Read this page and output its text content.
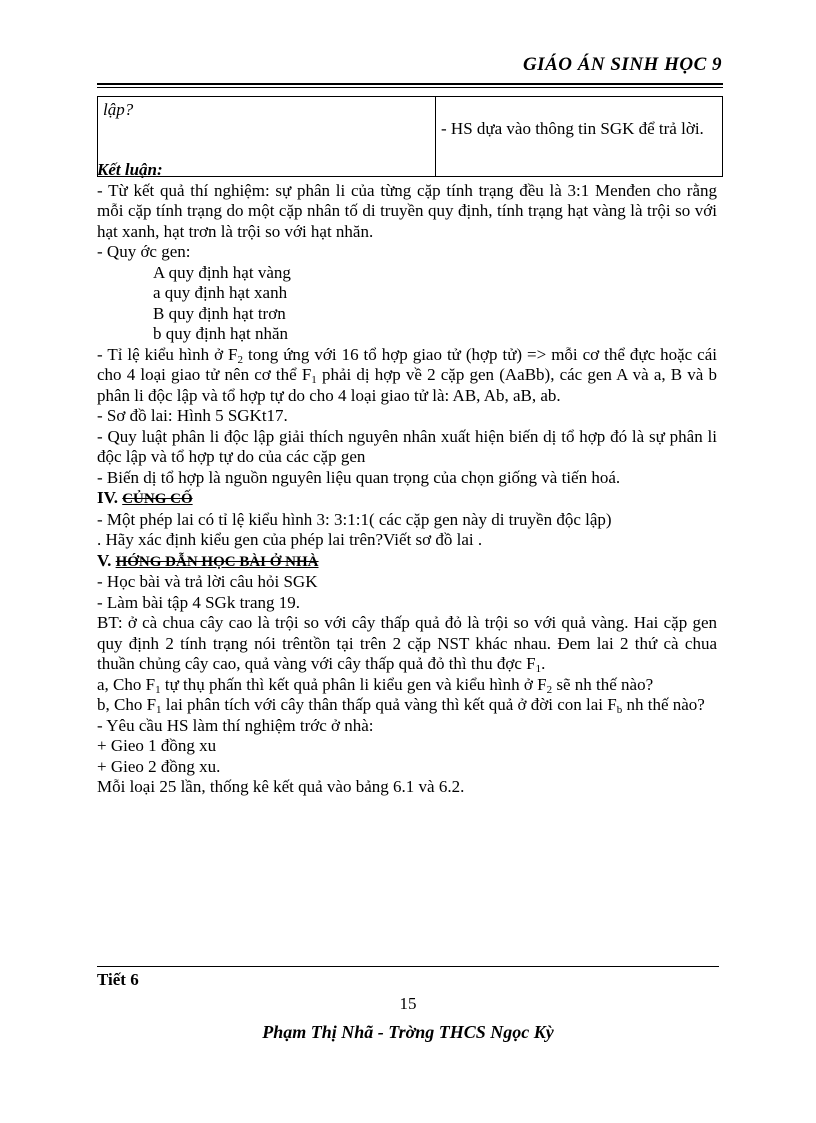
GIÁO ÁN SINH HỌC 9
lập?	- HS dựa vào thông tin SGK để trả lời.

Kết luận:

- Từ kết quả thí nghiệm: sự phân li của từng cặp tính trạng đều là 3:1 Menđen cho rằng mỗi cặp tính trạng do một cặp nhân tố di truyền quy định, tính trạng hạt vàng là trội so với hạt xanh, hạt trơn là trội so với hạt nhăn.

- Quy ớc gen:

A quy định hạt vàng

a quy định hạt xanh

B quy định hạt trơn

b quy định hạt nhăn

- Tỉ lệ kiểu hình ở $F_2$ tong ứng với 16 tổ hợp giao tử (hợp tử) => mỗi cơ thể đực hoặc cái cho 4 loại giao tử nên cơ thể $F_1$ phải dị hợp về 2 cặp gen (AaBb), các gen A và a, B và b phân li độc lập và tổ hợp tự do cho 4 loại giao tử là: AB, Ab, aB, ab.

- Sơ đồ lai: Hình 5 SGKt17.

- Quy luật phân li độc lập giải thích nguyên nhân xuất hiện biến dị tổ hợp đó là sự phân li độc lập và tổ hợp tự do của các cặp gen

- Biến dị tổ hợp là nguồn nguyên liệu quan trọng của chọn giống và tiến hoá.

IV. CỦNG CỐ

- Một phép lai có tỉ lệ kiểu hình 3: 3:1:1( các cặp gen này di truyền độc lập)

. Hãy xác định kiểu gen của phép lai trên?Viết sơ đồ lai .

V. HỚNG DẪN HỌC BÀI Ở NHÀ

- Học bài và trả lời câu hỏi SGK

- Làm bài tập 4 SGk trang 19.

BT: ở cà chua cây cao là trội so với cây thấp quả đỏ là trội so với quả vàng. Hai cặp gen quy định 2 tính trạng nói trêntồn tại trên 2 cặp NST khác nhau. Đem lai 2 thứ cà chua thuần chủng cây cao, quả vàng với cây thấp quả đỏ thì thu đợc $F_1$.

a, Cho $F_1$ tự thụ phấn thì kết quả phân li kiểu gen và kiểu hình ở $F_2$ sẽ nh thế nào?

b, Cho $F_1$ lai phân tích với cây thân thấp quả vàng thì kết quả ở đời con lai $F_b$ nh thế nào?

- Yêu cầu HS làm thí nghiệm trớc ở nhà:

+ Gieo 1 đồng xu

+ Gieo 2 đồng xu.

Mỗi loại 25 lần, thống kê kết quả vào bảng 6.1 và 6.2.

Tiết 6
15
Phạm Thị Nhã - Trờng THCS Ngọc Kỳ
